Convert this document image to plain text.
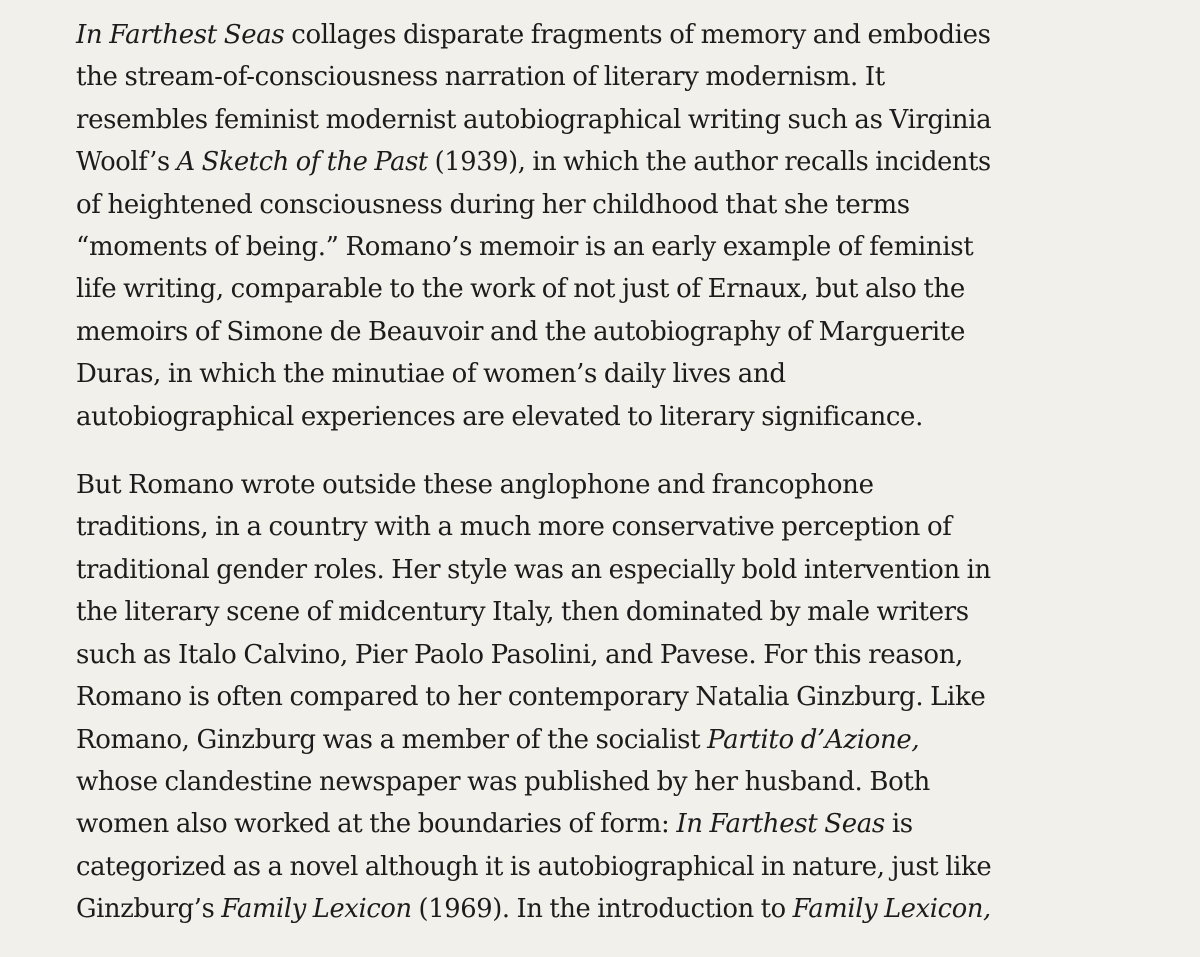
In Farthest Seas collages disparate fragments of memory and embodies
the stream-of-consciousness narration of literary modernism. It
resembles feminist modernist autobiographical writing such as Virginia
Woolf’s A Sketch of the Past (1939), in which the author recalls incidents
of heightened consciousness during her childhood that she terms
“moments of being.” Romano’s memoir is an early example of feminist
life writing, comparable to the work of not just of Ernaux, but also the
memoirs of Simone de Beauvoir and the autobiography of Marguerite
Duras, in which the minutiae of women’s daily lives and
autobiographical experiences are elevated to literary significance.

But Romano wrote outside these anglophone and francophone
traditions, in a country with a much more conservative perception of
traditional gender roles. Her style was an especially bold intervention in
the literary scene of midcentury Italy, then dominated by male writers
such as Italo Calvino, Pier Paolo Pasolini, and Pavese. For this reason,
Romano is often compared to her contemporary Natalia Ginzburg. Like
Romano, Ginzburg was a member of the socialist Partito d’Azione,
whose clandestine newspaper was published by her husband. Both
women also worked at the boundaries of form: In Farthest Seas is
categorized as a novel although it is autobiographical in nature, just like
Ginzburg’s Family Lexicon (1969). In the introduction to Family Lexicon,
